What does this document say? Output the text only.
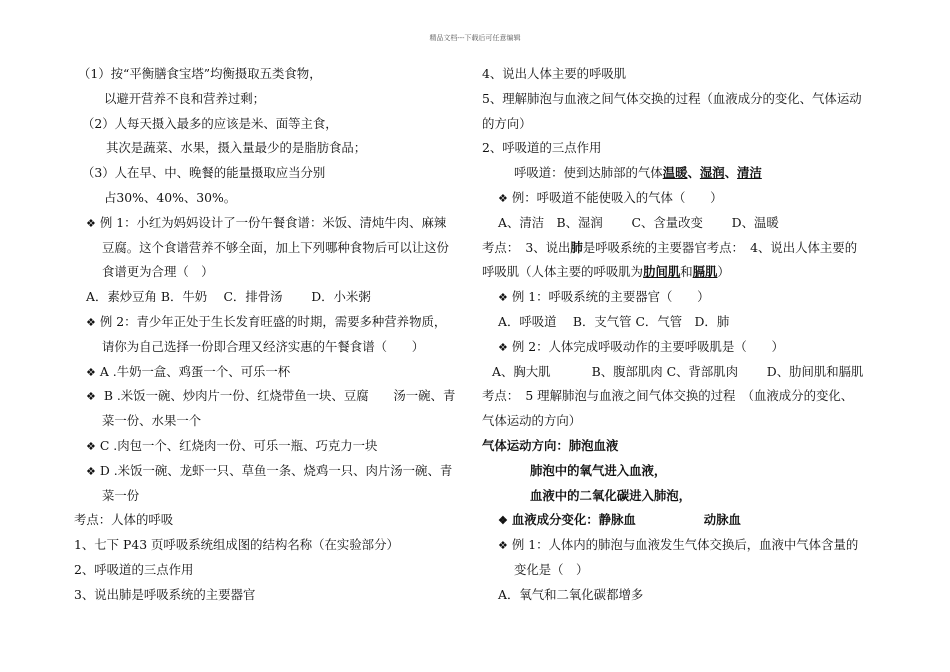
精品文档---下载后可任意编辑
（1）按“平衡膳食宝塔”均衡摄取五类食物，
以避开营养不良和营养过剩；
（2）人每天摄入最多的应该是米、面等主食，
其次是蔬菜、水果，摄入量最少的是脂肪食品；
（3）人在早、中、晚餐的能量摄取应当分别
占30%、40%、30%。
❖ 例 1：小红为妈妈设计了一份午餐食谱：米饭、清炖牛肉、麻辣
豆腐。这个食谱营养不够全面，加上下列哪种食物后可以让这份
食谱更为合理（　）
A．素炒豆角 B．牛奶　 C．排骨汤　　 D．小米粥
❖ 例 2：青少年正处于生长发育旺盛的时期，需要多种营养物质，
请你为自己选择一份即合理又经济实惠的午餐食谱（　　）
❖ A .牛奶一盒、鸡蛋一个、可乐一杯
❖ B .米饭一碗、炒肉片一份、红烧带鱼一块、豆腐　　汤一碗、青
菜一份、水果一个
❖ C .肉包一个、红烧肉一份、可乐一瓶、巧克力一块
❖ D .米饭一碗、龙虾一只、草鱼一条、烧鸡一只、肉片汤一碗、青
菜一份
考点：人体的呼吸
1、七下 P43 页呼吸系统组成图的结构名称（在实验部分）
2、呼吸道的三点作用
3、说出肺是呼吸系统的主要器官
4、说出人体主要的呼吸肌
5、理解肺泡与血液之间气体交换的过程（血液成分的变化、气体运动
的方向）
2、呼吸道的三点作用
呼吸道：使到达肺部的气体温暖、湿润、清洁
❖ 例：呼吸道不能使吸入的气体（　　）
A、清洁　B、湿润　　 C、含量改变　　 D、温暖
考点：　3、说出肺是呼吸系统的主要器官考点：　4、说出人体主要的
呼吸肌（人体主要的呼吸肌为肋间肌和膈肌）
❖ 例 1：呼吸系统的主要器官（　　）
A．呼吸道　 B．支气管 C．气管　D．肺
❖ 例 2：人体完成呼吸动作的主要呼吸肌是（　　）
A、胸大肌　　　 B、腹部肌肉 C、背部肌肉　　 D、肋间肌和膈肌
考点：　5 理解肺泡与血液之间气体交换的过程　（血液成分的变化、
气体运动的方向）
气体运动方向：肺泡血液
肺泡中的氧气进入血液，
血液中的二氧化碳进入肺泡，
❖ 血液成分变化：静脉血	动脉血
❖ 例 1：人体内的肺泡与血液发生气体交换后，血液中气体含量的
变化是（　）
A．氧气和二氧化碳都增多
